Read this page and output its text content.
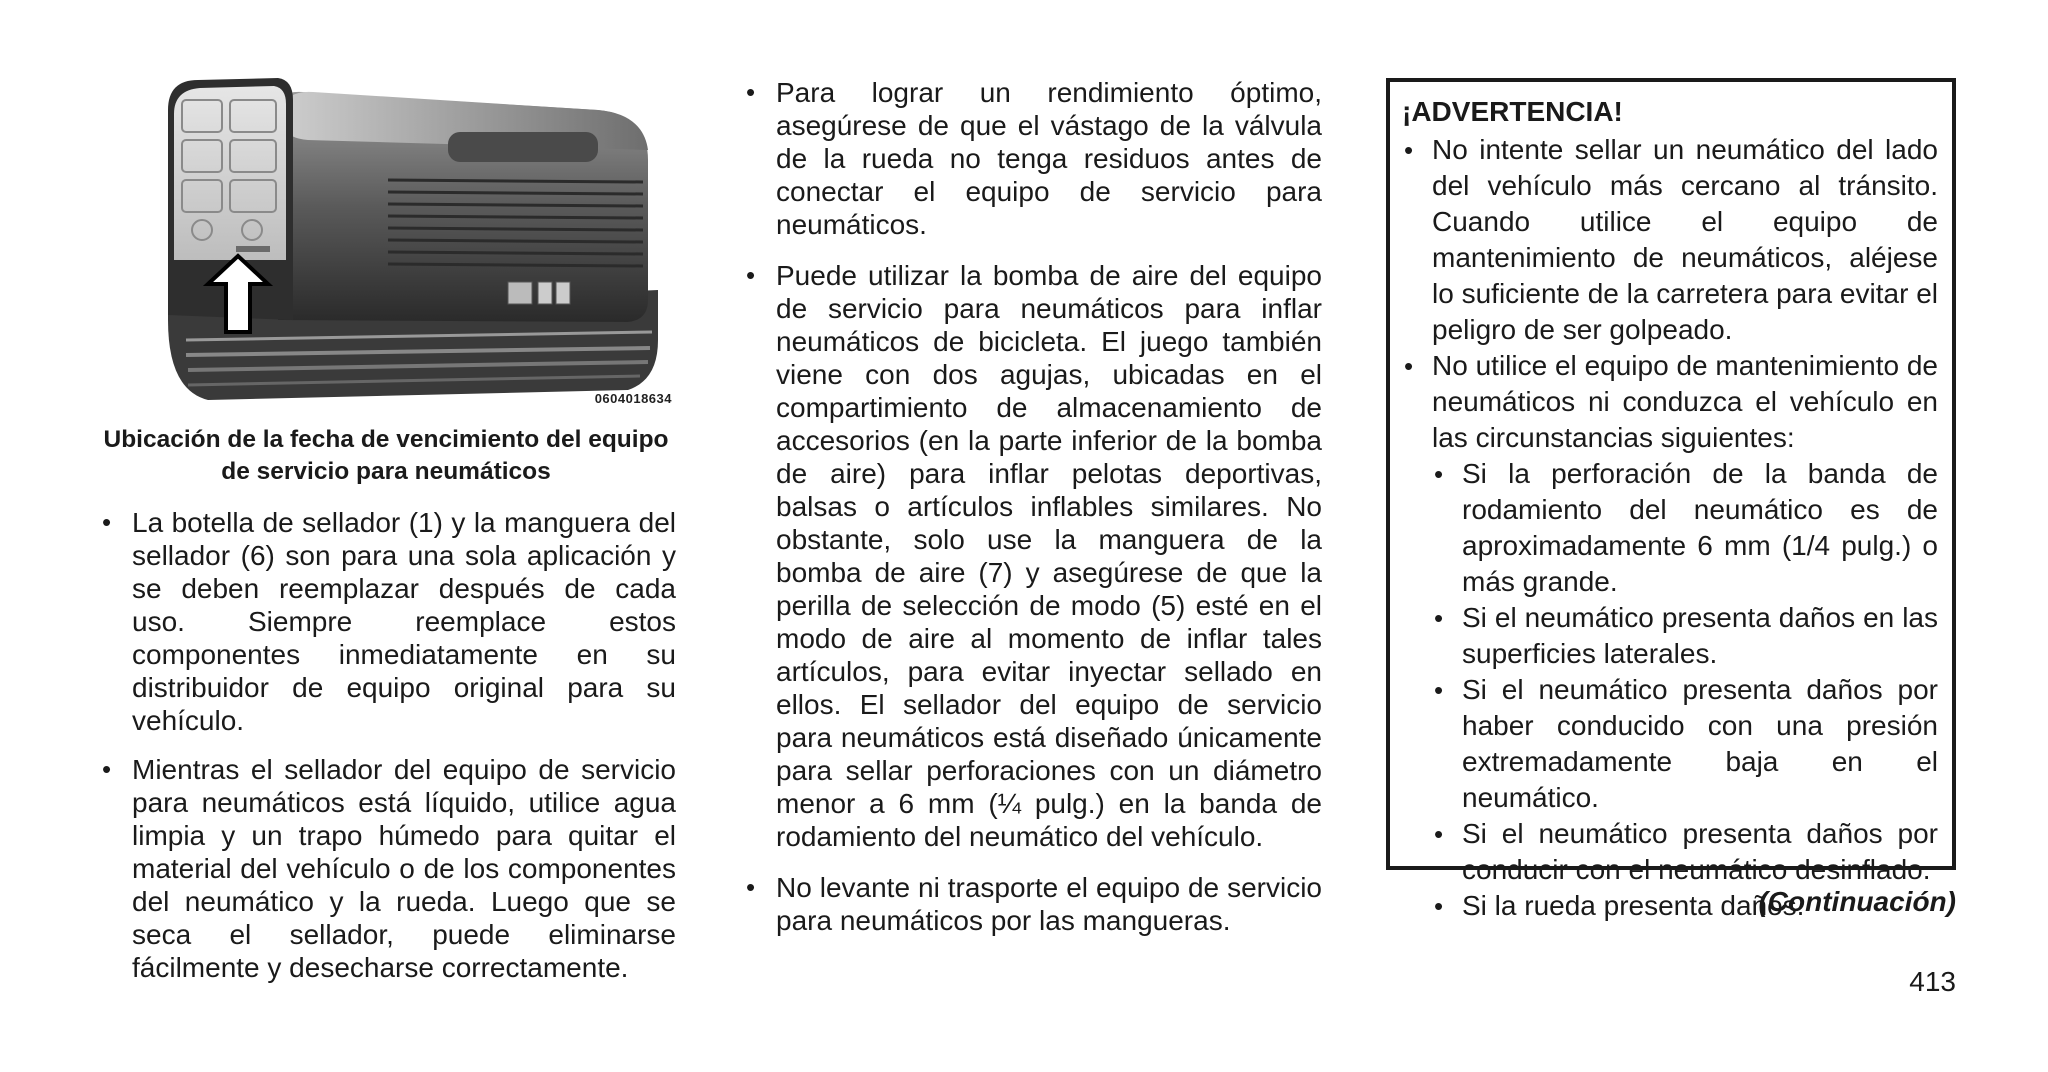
0604018634
Ubicación de la fecha de vencimiento del equipo de servicio para neumáticos
• La botella de sellador (1) y la manguera del sellador (6) son para una sola aplicación y se deben reemplazar después de cada uso. Siempre reemplace estos componentes inmediatamente en su distribuidor de equipo original para su vehículo.
• Mientras el sellador del equipo de servicio para neumáticos está líquido, utilice agua limpia y un trapo húmedo para quitar el material del vehículo o de los componentes del neumático y la rueda. Luego que se seca el sellador, puede eliminarse fácilmente y desecharse correctamente.
• Para lograr un rendimiento óptimo, asegúrese de que el vástago de la válvula de la rueda no tenga residuos antes de conectar el equipo de servicio para neumáticos.
• Puede utilizar la bomba de aire del equipo de servicio para neumáticos para inflar neumáticos de bicicleta. El juego también viene con dos agujas, ubicadas en el compartimiento de almacenamiento de accesorios (en la parte inferior de la bomba de aire) para inflar pelotas deportivas, balsas o artículos inflables similares. No obstante, solo use la manguera de la bomba de aire (7) y asegúrese de que la perilla de selección de modo (5) esté en el modo de aire al momento de inflar tales artículos, para evitar inyectar sellado en ellos. El sellador del equipo de servicio para neumáticos está diseñado únicamente para sellar perforaciones con un diámetro menor a 6 mm (¼ pulg.) en la banda de rodamiento del neumático del vehículo.
• No levante ni trasporte el equipo de servicio para neumáticos por las mangueras.
¡ADVERTENCIA!
• No intente sellar un neumático del lado del vehículo más cercano al tránsito. Cuando utilice el equipo de mantenimiento de neumáticos, aléjese lo suficiente de la carretera para evitar el peligro de ser golpeado.
• No utilice el equipo de mantenimiento de neumáticos ni conduzca el vehículo en las circunstancias siguientes:
• Si la perforación de la banda de rodamiento del neumático es de aproximadamente 6 mm (1/4 pulg.) o más grande.
• Si el neumático presenta daños en las superficies laterales.
• Si el neumático presenta daños por haber conducido con una presión extremadamente baja en el neumático.
• Si el neumático presenta daños por conducir con el neumático desinflado.
• Si la rueda presenta daños.
(Continuación)
413
